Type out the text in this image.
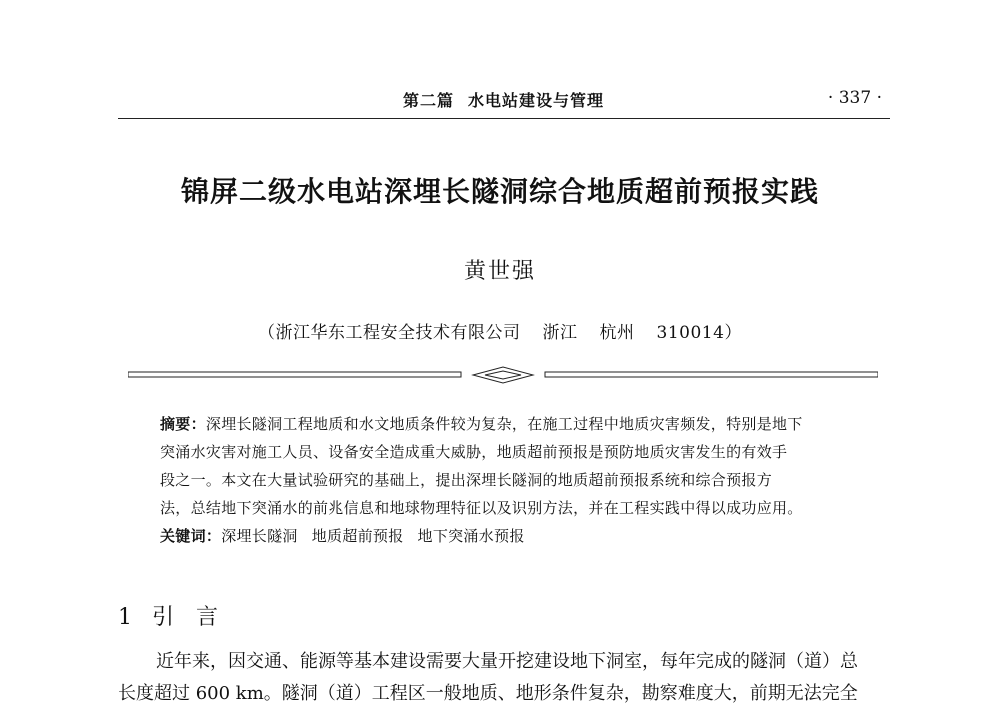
第二篇 水电站建设与管理	· 337 ·
锦屏二级水电站深埋长隧洞综合地质超前预报实践
黄世强
（浙江华东工程安全技术有限公司 浙江 杭州 310014）
摘要：深埋长隧洞工程地质和水文地质条件较为复杂，在施工过程中地质灾害频发，特别是地下
突涌水灾害对施工人员、设备安全造成重大威胁，地质超前预报是预防地质灾害发生的有效手
段之一。本文在大量试验研究的基础上，提出深埋长隧洞的地质超前预报系统和综合预报方
法，总结地下突涌水的前兆信息和地球物理特征以及识别方法，并在工程实践中得以成功应用。
关键词：深埋长隧洞 地质超前预报 地下突涌水预报
1 引言
近年来，因交通、能源等基本建设需要大量开挖建设地下洞室，每年完成的隧洞（道）总
长度超过 600 km。隧洞（道）工程区一般地质、地形条件复杂，勘察难度大，前期无法完全
